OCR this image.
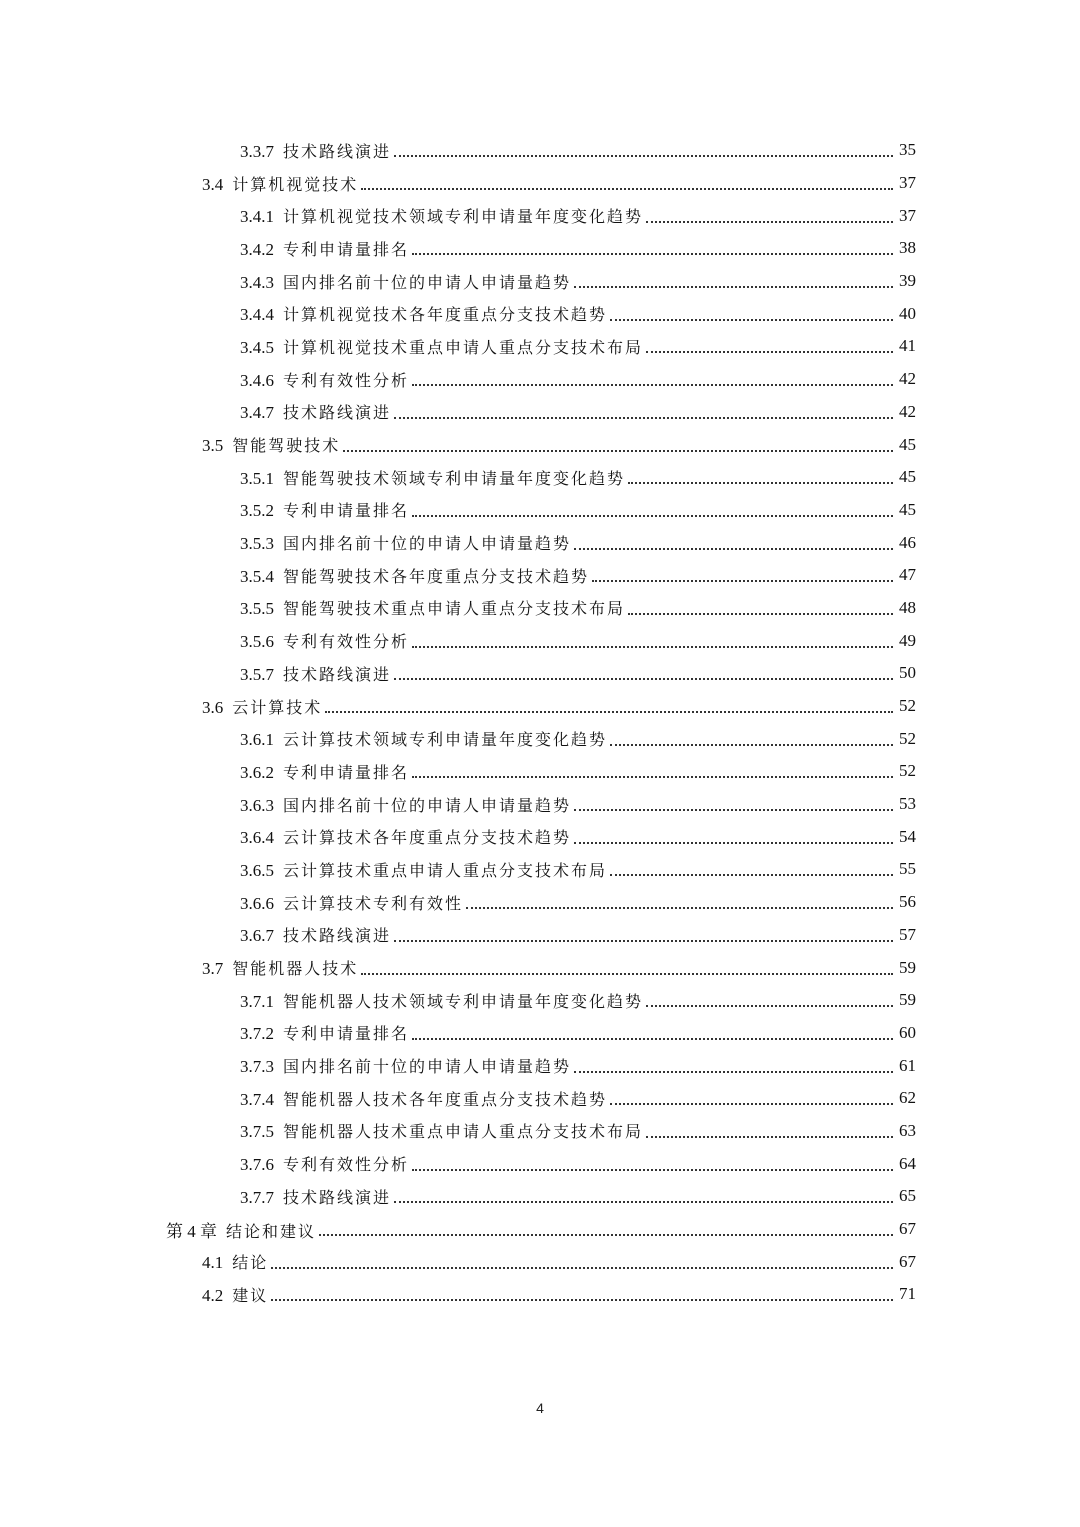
3.3.7 技术路线演进	35
3.4 计算机视觉技术	37
3.4.1 计算机视觉技术领域专利申请量年度变化趋势	37
3.4.2 专利申请量排名	38
3.4.3 国内排名前十位的申请人申请量趋势	39
3.4.4 计算机视觉技术各年度重点分支技术趋势	40
3.4.5 计算机视觉技术重点申请人重点分支技术布局	41
3.4.6 专利有效性分析	42
3.4.7 技术路线演进	42
3.5 智能驾驶技术	45
3.5.1 智能驾驶技术领域专利申请量年度变化趋势	45
3.5.2 专利申请量排名	45
3.5.3 国内排名前十位的申请人申请量趋势	46
3.5.4 智能驾驶技术各年度重点分支技术趋势	47
3.5.5 智能驾驶技术重点申请人重点分支技术布局	48
3.5.6 专利有效性分析	49
3.5.7 技术路线演进	50
3.6 云计算技术	52
3.6.1 云计算技术领域专利申请量年度变化趋势	52
3.6.2 专利申请量排名	52
3.6.3 国内排名前十位的申请人申请量趋势	53
3.6.4 云计算技术各年度重点分支技术趋势	54
3.6.5 云计算技术重点申请人重点分支技术布局	55
3.6.6 云计算技术专利有效性	56
3.6.7 技术路线演进	57
3.7 智能机器人技术	59
3.7.1 智能机器人技术领域专利申请量年度变化趋势	59
3.7.2 专利申请量排名	60
3.7.3 国内排名前十位的申请人申请量趋势	61
3.7.4 智能机器人技术各年度重点分支技术趋势	62
3.7.5 智能机器人技术重点申请人重点分支技术布局	63
3.7.6 专利有效性分析	64
3.7.7 技术路线演进	65
第 4 章 结论和建议	67
4.1 结论	67
4.2 建议	71
4
